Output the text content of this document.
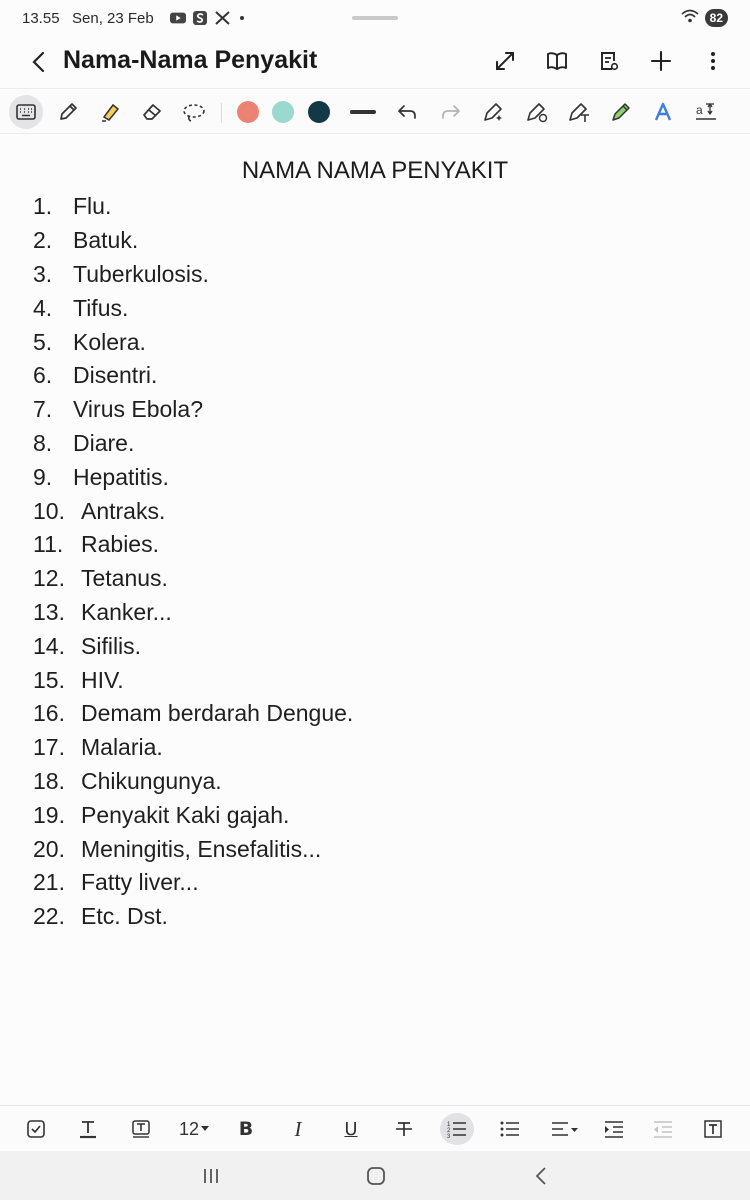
13.55 Sen, 23 Feb	82
Nama-Nama Penyakit
a
NAMA NAMA PENYAKIT
1. Flu.
2. Batuk.
3. Tuberkulosis.
4. Tifus.
5. Kolera.
6. Disentri.
7. Virus Ebola?
8. Diare.
9. Hepatitis.
10. Antraks.
11. Rabies.
12. Tetanus.
13. Kanker...
14. Sifilis.
15. HIV.
16. Demam berdarah Dengue.
17. Malaria.
18. Chikungunya.
19. Penyakit Kaki gajah.
20. Meningitis, Ensefalitis...
21. Fatty liver...
22. Etc. Dst.
12	B	I	U	1
2
3
